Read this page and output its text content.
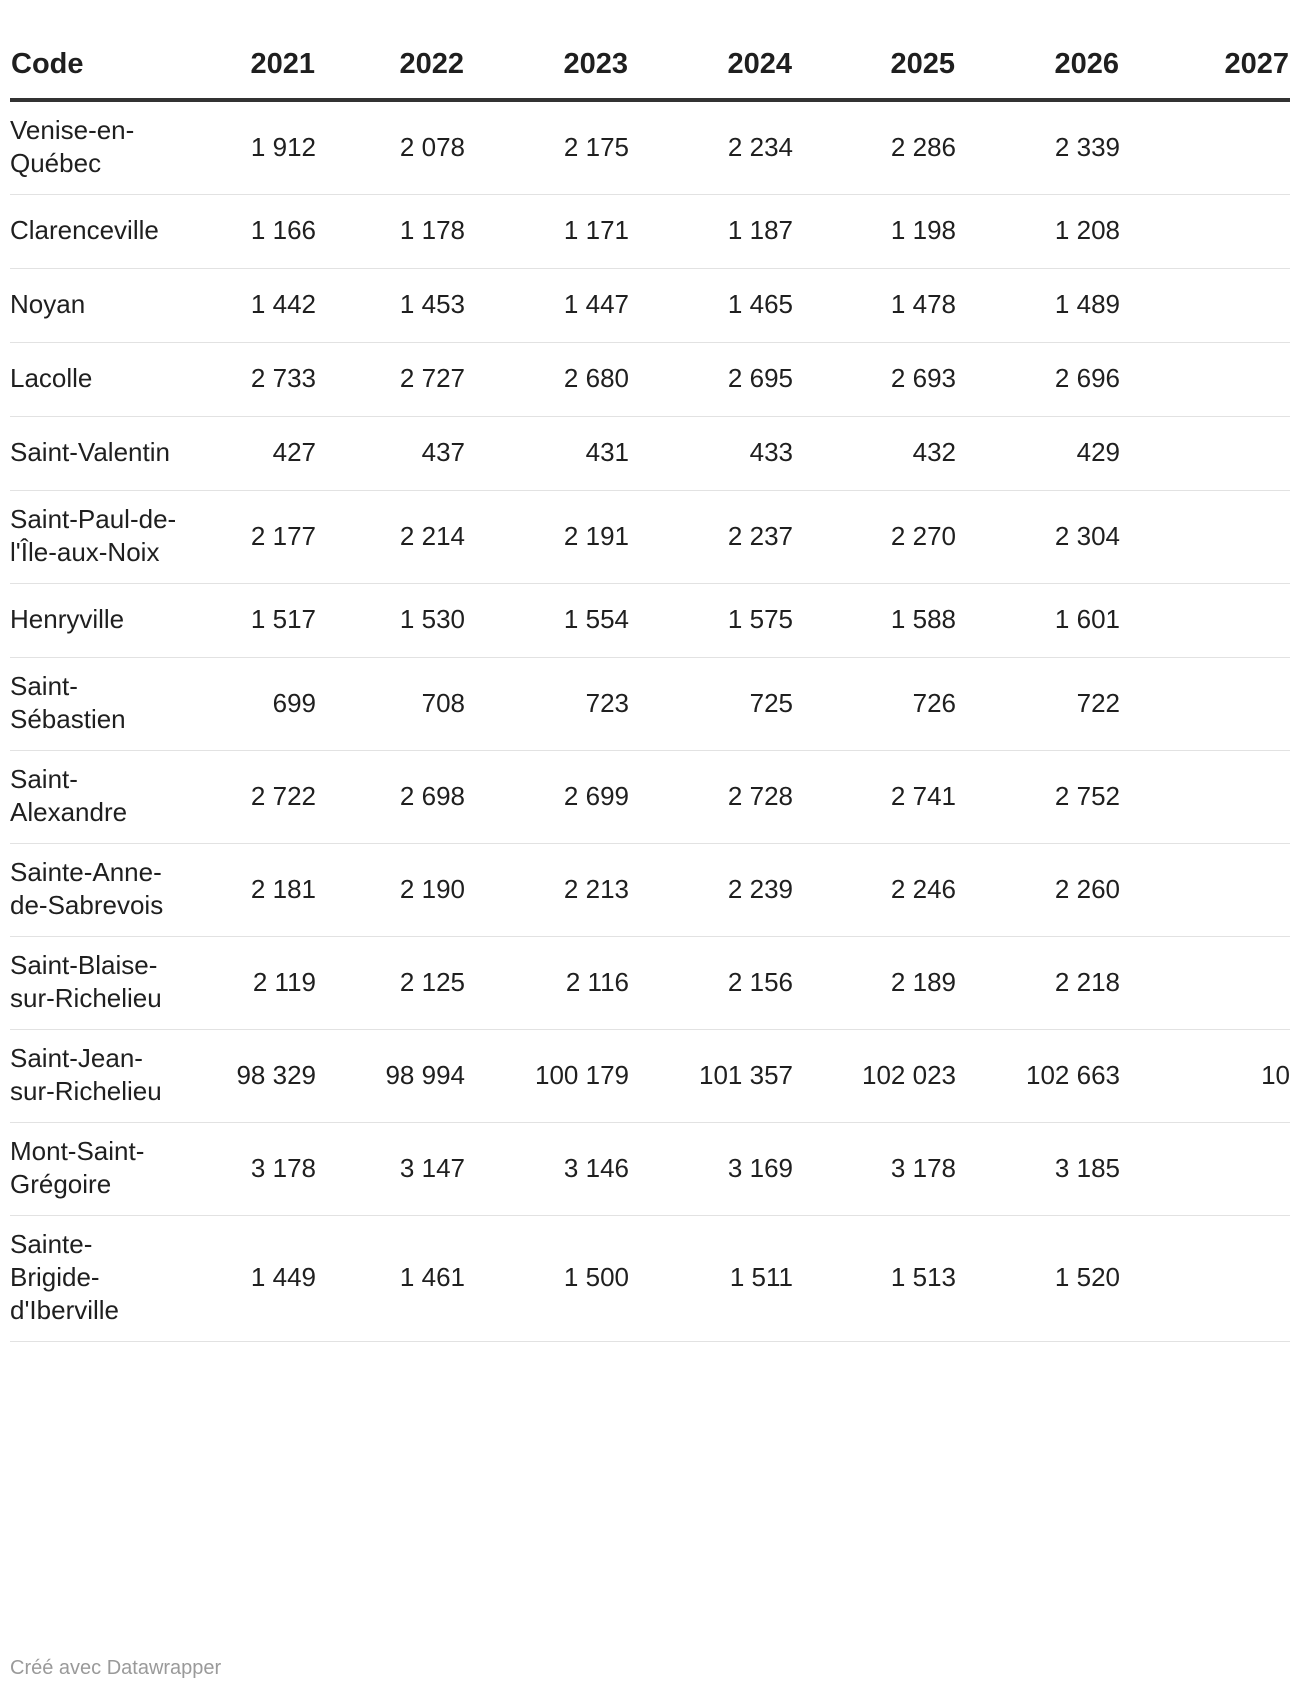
Code	2021	2022	2023	2024	2025	2026	2027
Venise-en-Québec	1 912	2 078	2 175	2 234	2 286	2 339	
Clarenceville	1 166	1 178	1 171	1 187	1 198	1 208	
Noyan	1 442	1 453	1 447	1 465	1 478	1 489	
Lacolle	2 733	2 727	2 680	2 695	2 693	2 696	
Saint-Valentin	427	437	431	433	432	429	
Saint-Paul-de-l'Île-aux-Noix	2 177	2 214	2 191	2 237	2 270	2 304	
Henryville	1 517	1 530	1 554	1 575	1 588	1 601	
Saint-Sébastien	699	708	723	725	726	722	
Saint-Alexandre	2 722	2 698	2 699	2 728	2 741	2 752	
Sainte-Anne-de-Sabrevois	2 181	2 190	2 213	2 239	2 246	2 260	
Saint-Blaise-sur-Richelieu	2 119	2 125	2 116	2 156	2 189	2 218	
Saint-Jean-sur-Richelieu	98 329	98 994	100 179	101 357	102 023	102 663	10
Mont-Saint-Grégoire	3 178	3 147	3 146	3 169	3 178	3 185	
Sainte-Brigide-d'Iberville	1 449	1 461	1 500	1 511	1 513	1 520	
Créé avec Datawrapper
